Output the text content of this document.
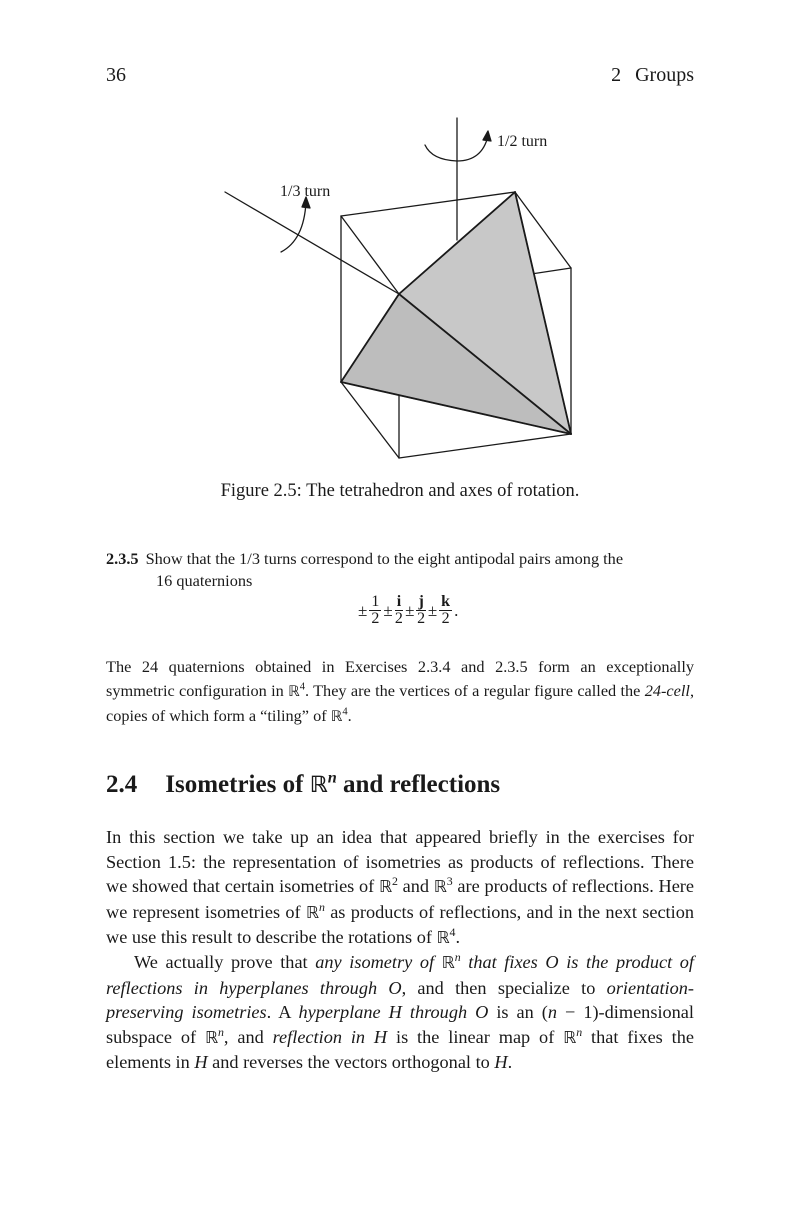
36	2 Groups
1/2 turn
1/3 turn
Figure 2.5: The tetrahedron and axes of rotation.
2.3.5 Show that the 1/3 turns correspond to the eight antipodal pairs among the
16 quaternions
± $\frac{1}{2} \pm \frac{i}{2} \pm \frac{j}{2} \pm \frac{k}{2}$ .
The 24 quaternions obtained in Exercises 2.3.4 and 2.3.5 form an exceptionally symmetric configuration in ℝ$^4$. They are the vertices of a regular figure called the 24-cell, copies of which form a “tiling” of ℝ$^4$.
2.4 Isometries of ℝ$^n$ and reflections
In this section we take up an idea that appeared briefly in the exercises for Section 1.5: the representation of isometries as products of reflections. There we showed that certain isometries of ℝ$^2$ and ℝ$^3$ are products of reflections. Here we represent isometries of ℝ$^n$ as products of reflections, and in the next section we use this result to describe the rotations of ℝ$^4$.
We actually prove that any isometry of ℝ$^n$ that fixes O is the product of reflections in hyperplanes through O, and then specialize to orientation-preserving isometries. A hyperplane H through O is an (n − 1)-dimensional subspace of ℝ$^n$, and reflection in H is the linear map of ℝ$^n$ that fixes the elements in H and reverses the vectors orthogonal to H.
